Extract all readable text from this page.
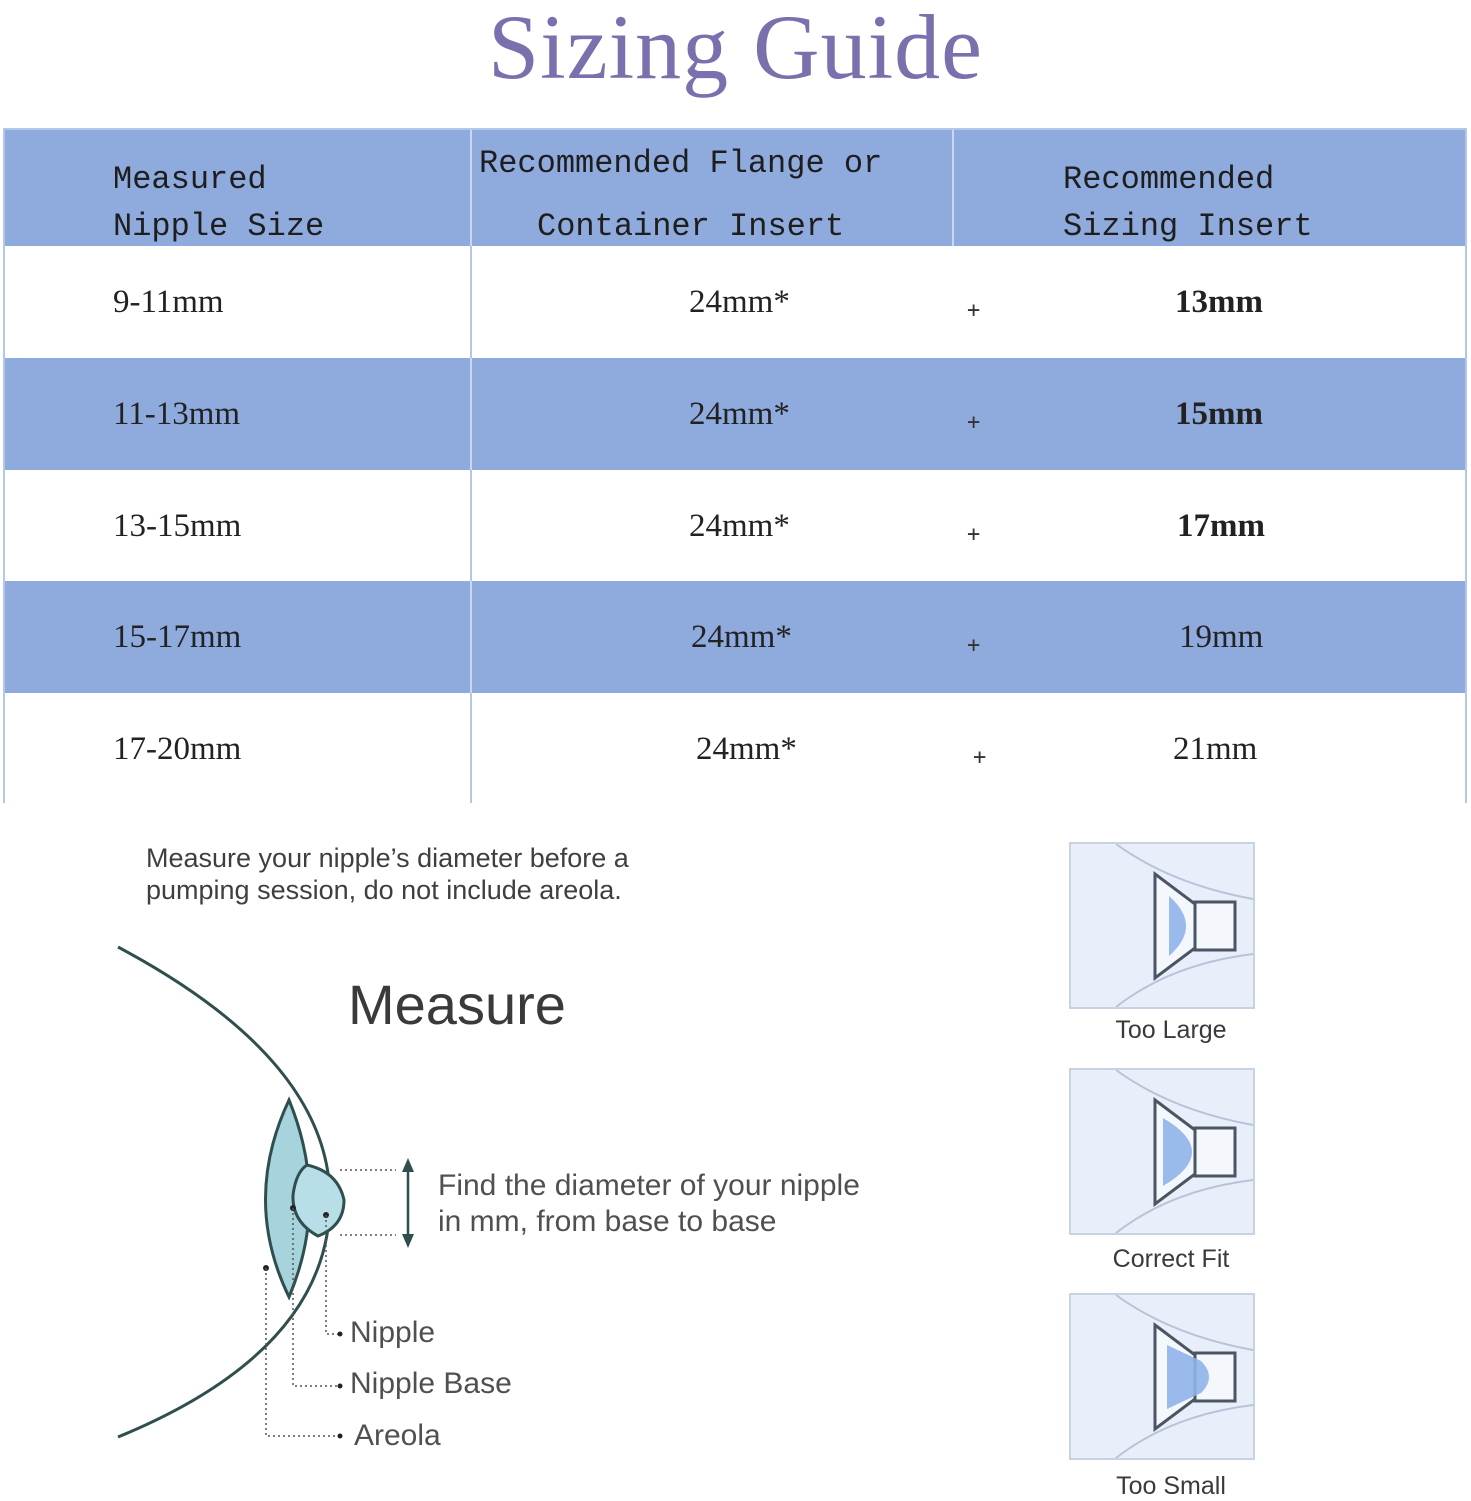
Sizing Guide
Measured
Nipple Size
Recommended Flange or
Container Insert
Recommended
Sizing Insert
9-11mm	24mm*	+	13mm
11-13mm	24mm*	+	15mm
13-15mm	24mm*	+	17mm
15-17mm	24mm*	+	19mm
17-20mm	24mm*	+	21mm
Measure your nipple’s diameter before a
pumping session, do not include areola.
Measure
Find the diameter of your nipple
in mm, from base to base
Nipple
Nipple Base
Areola
Too Large
Correct Fit
Too Small
